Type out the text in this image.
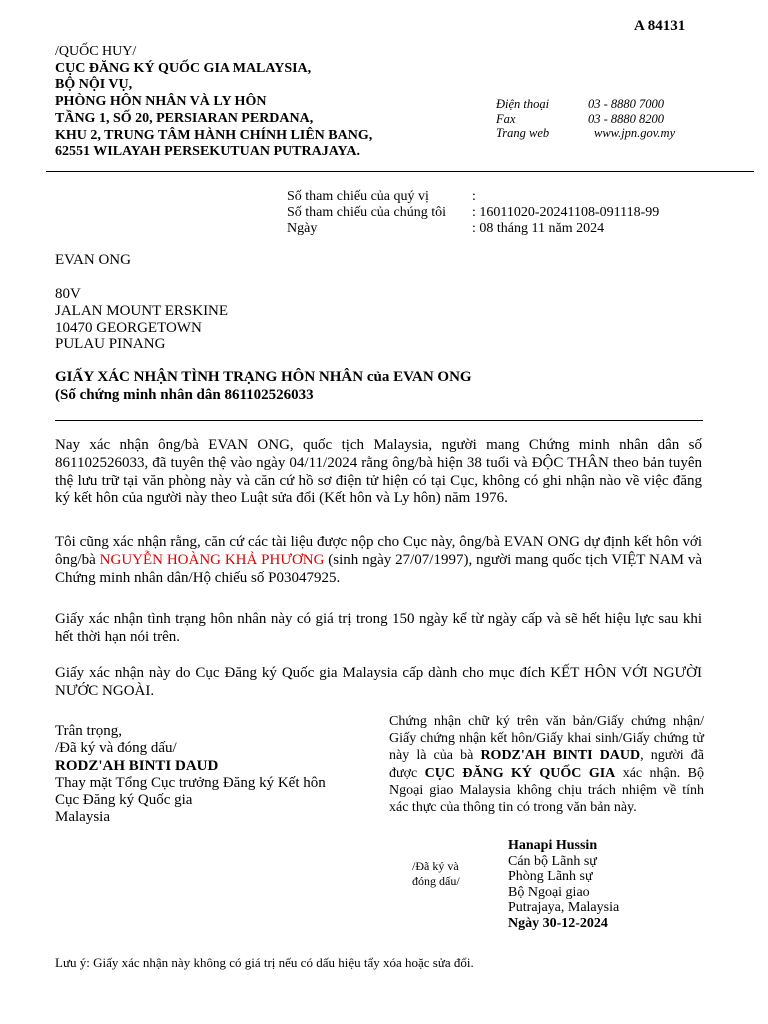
A 84131
/QUỐC HUY/
CỤC ĐĂNG KÝ QUỐC GIA MALAYSIA,
BỘ NỘI VỤ,
PHÒNG HÔN NHÂN VÀ LY HÔN
TẦNG 1, SỐ 20, PERSIARAN PERDANA,
KHU 2, TRUNG TÂM HÀNH CHÍNH LIÊN BANG,
62551 WILAYAH PERSEKUTUAN PUTRAJAYA.
Điện thoại	03 - 8880 7000
Fax	03 - 8880 8200
Trang web	www.jpn.gov.my
Số tham chiếu của quý vị	:
Số tham chiếu của chúng tôi	: 16011020-20241108-091118-99
Ngày	: 08 tháng 11 năm 2024
EVAN ONG
80V
JALAN MOUNT ERSKINE
10470 GEORGETOWN
PULAU PINANG
GIẤY XÁC NHẬN TÌNH TRẠNG HÔN NHÂN của EVAN ONG
(Số chứng minh nhân dân 861102526033
Nay xác nhận ông/bà EVAN ONG, quốc tịch Malaysia, người mang Chứng minh nhân dân số 861102526033, đã tuyên thệ vào ngày 04/11/2024 rằng ông/bà hiện 38 tuổi và ĐỘC THÂN theo bản tuyên thệ lưu trữ tại văn phòng này và căn cứ hồ sơ điện tử hiện có tại Cục, không có ghi nhận nào về việc đăng ký kết hôn của người này theo Luật sửa đổi (Kết hôn và Ly hôn) năm 1976.
Tôi cũng xác nhận rằng, căn cứ các tài liệu được nộp cho Cục này, ông/bà EVAN ONG dự định kết hôn với ông/bà NGUYỄN HOÀNG KHẢ PHƯƠNG (sinh ngày 27/07/1997), người mang quốc tịch VIỆT NAM và Chứng minh nhân dân/Hộ chiếu số P03047925.
Giấy xác nhận tình trạng hôn nhân này có giá trị trong 150 ngày kể từ ngày cấp và sẽ hết hiệu lực sau khi hết thời hạn nói trên.
Giấy xác nhận này do Cục Đăng ký Quốc gia Malaysia cấp dành cho mục đích KẾT HÔN VỚI NGƯỜI NƯỚC NGOÀI.
Trân trọng,
/Đã ký và đóng dấu/
RODZ'AH BINTI DAUD
Thay mặt Tổng Cục trưởng Đăng ký Kết hôn
Cục Đăng ký Quốc gia
Malaysia
Chứng nhận chữ ký trên văn bản/Giấy chứng nhận/ Giấy chứng nhận kết hôn/Giấy khai sinh/Giấy chứng tử này là của bà RODZ'AH BINTI DAUD, người đã được CỤC ĐĂNG KÝ QUỐC GIA xác nhận. Bộ Ngoại giao Malaysia không chịu trách nhiệm về tính xác thực của thông tin có trong văn bản này.
/Đã ký và
đóng dấu/
Hanapi Hussin
Cán bộ Lãnh sự
Phòng Lãnh sự
Bộ Ngoại giao
Putrajaya, Malaysia
Ngày 30-12-2024
Lưu ý: Giấy xác nhận này không có giá trị nếu có dấu hiệu tẩy xóa hoặc sửa đổi.
